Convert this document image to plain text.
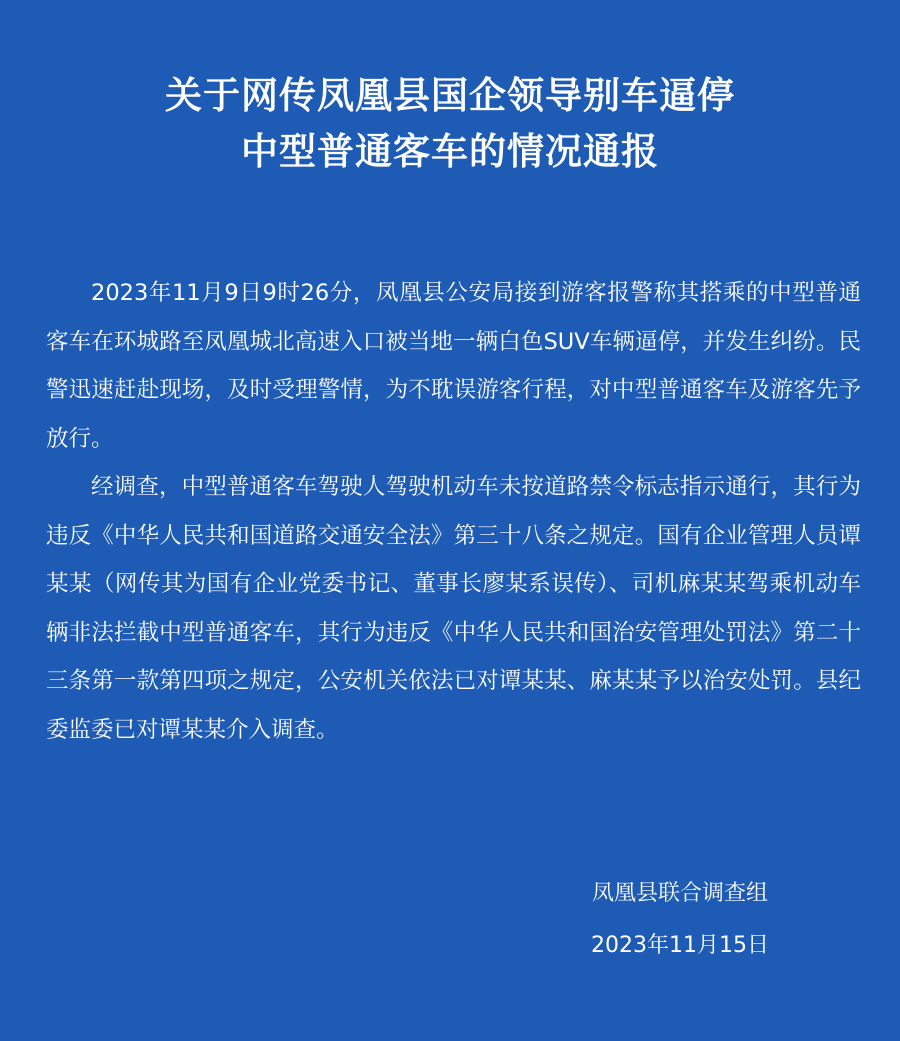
关于网传凤凰县国企领导别车逼停
中型普通客车的情况通报

2023年11月9日9时26分，凤凰县公安局接到游客报警称其搭乘的中型普通客车在环城路至凤凰城北高速入口被当地一辆白色SUV车辆逼停，并发生纠纷。民警迅速赶赴现场，及时受理警情，为不耽误游客行程，对中型普通客车及游客先予放行。

经调查，中型普通客车驾驶人驾驶机动车未按道路禁令标志指示通行，其行为违反《中华人民共和国道路交通安全法》第三十八条之规定。国有企业管理人员谭某某（网传其为国有企业党委书记、董事长廖某系误传）、司机麻某某驾乘机动车辆非法拦截中型普通客车，其行为违反《中华人民共和国治安管理处罚法》第二十三条第一款第四项之规定，公安机关依法已对谭某某、麻某某予以治安处罚。县纪委监委已对谭某某介入调查。

凤凰县联合调查组
2023年11月15日
